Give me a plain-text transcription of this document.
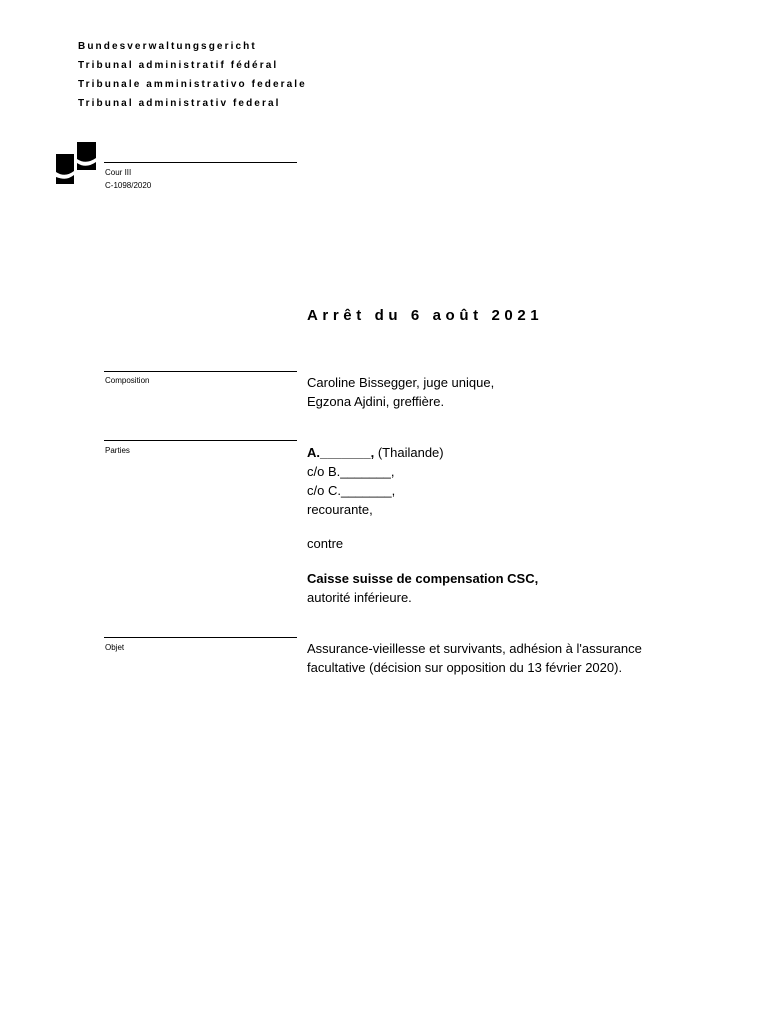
Bundesverwaltungsgericht
Tribunal administratif fédéral
Tribunale amministrativo federale
Tribunal administrativ federal
Cour III
C-1098/2020
Arrêt du 6 août 2021
Composition	Caroline Bissegger, juge unique,
Egzona Ajdini, greffière.
Parties	A._______, (Thailande)
c/o B._______,
c/o C._______,
recourante,
contre
Caisse suisse de compensation CSC,
autorité inférieure.
Objet	Assurance-vieillesse et survivants, adhésion à l'assurance
facultative (décision sur opposition du 13 février 2020).
